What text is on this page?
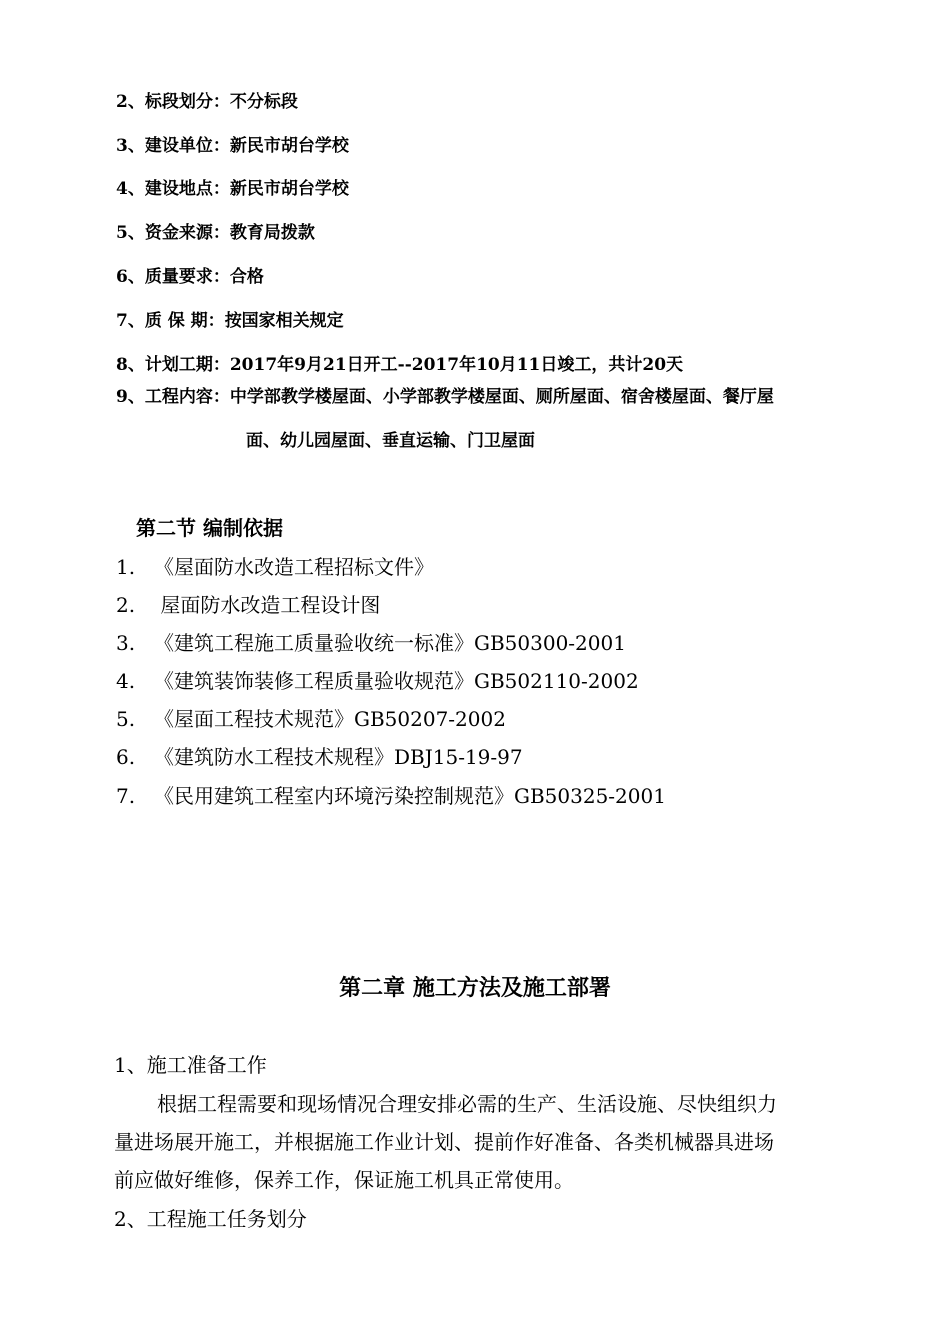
2、标段划分：不分标段
3、建设单位：新民市胡台学校
4、建设地点：新民市胡台学校
5、资金来源：教育局拨款
6、质量要求：合格
7、质 保 期：按国家相关规定
8、计划工期：2017年9月21日开工--2017年10月11日竣工，共计20天
9、工程内容：中学部教学楼屋面、小学部教学楼屋面、厕所屋面、宿舍楼屋面、餐厅屋
面、幼儿园屋面、垂直运输、门卫屋面
第二节 编制依据
1. 《屋面防水改造工程招标文件》
2. 屋面防水改造工程设计图
3. 《建筑工程施工质量验收统一标准》GB50300-2001
4. 《建筑装饰装修工程质量验收规范》GB502110-2002
5. 《屋面工程技术规范》GB50207-2002
6. 《建筑防水工程技术规程》DBJ15-19-97
7. 《民用建筑工程室内环境污染控制规范》GB50325-2001
第二章 施工方法及施工部署
1、施工准备工作
根据工程需要和现场情况合理安排必需的生产、生活设施、尽快组织力
量进场展开施工，并根据施工作业计划、提前作好准备、各类机械器具进场
前应做好维修，保养工作，保证施工机具正常使用。
2、工程施工任务划分
